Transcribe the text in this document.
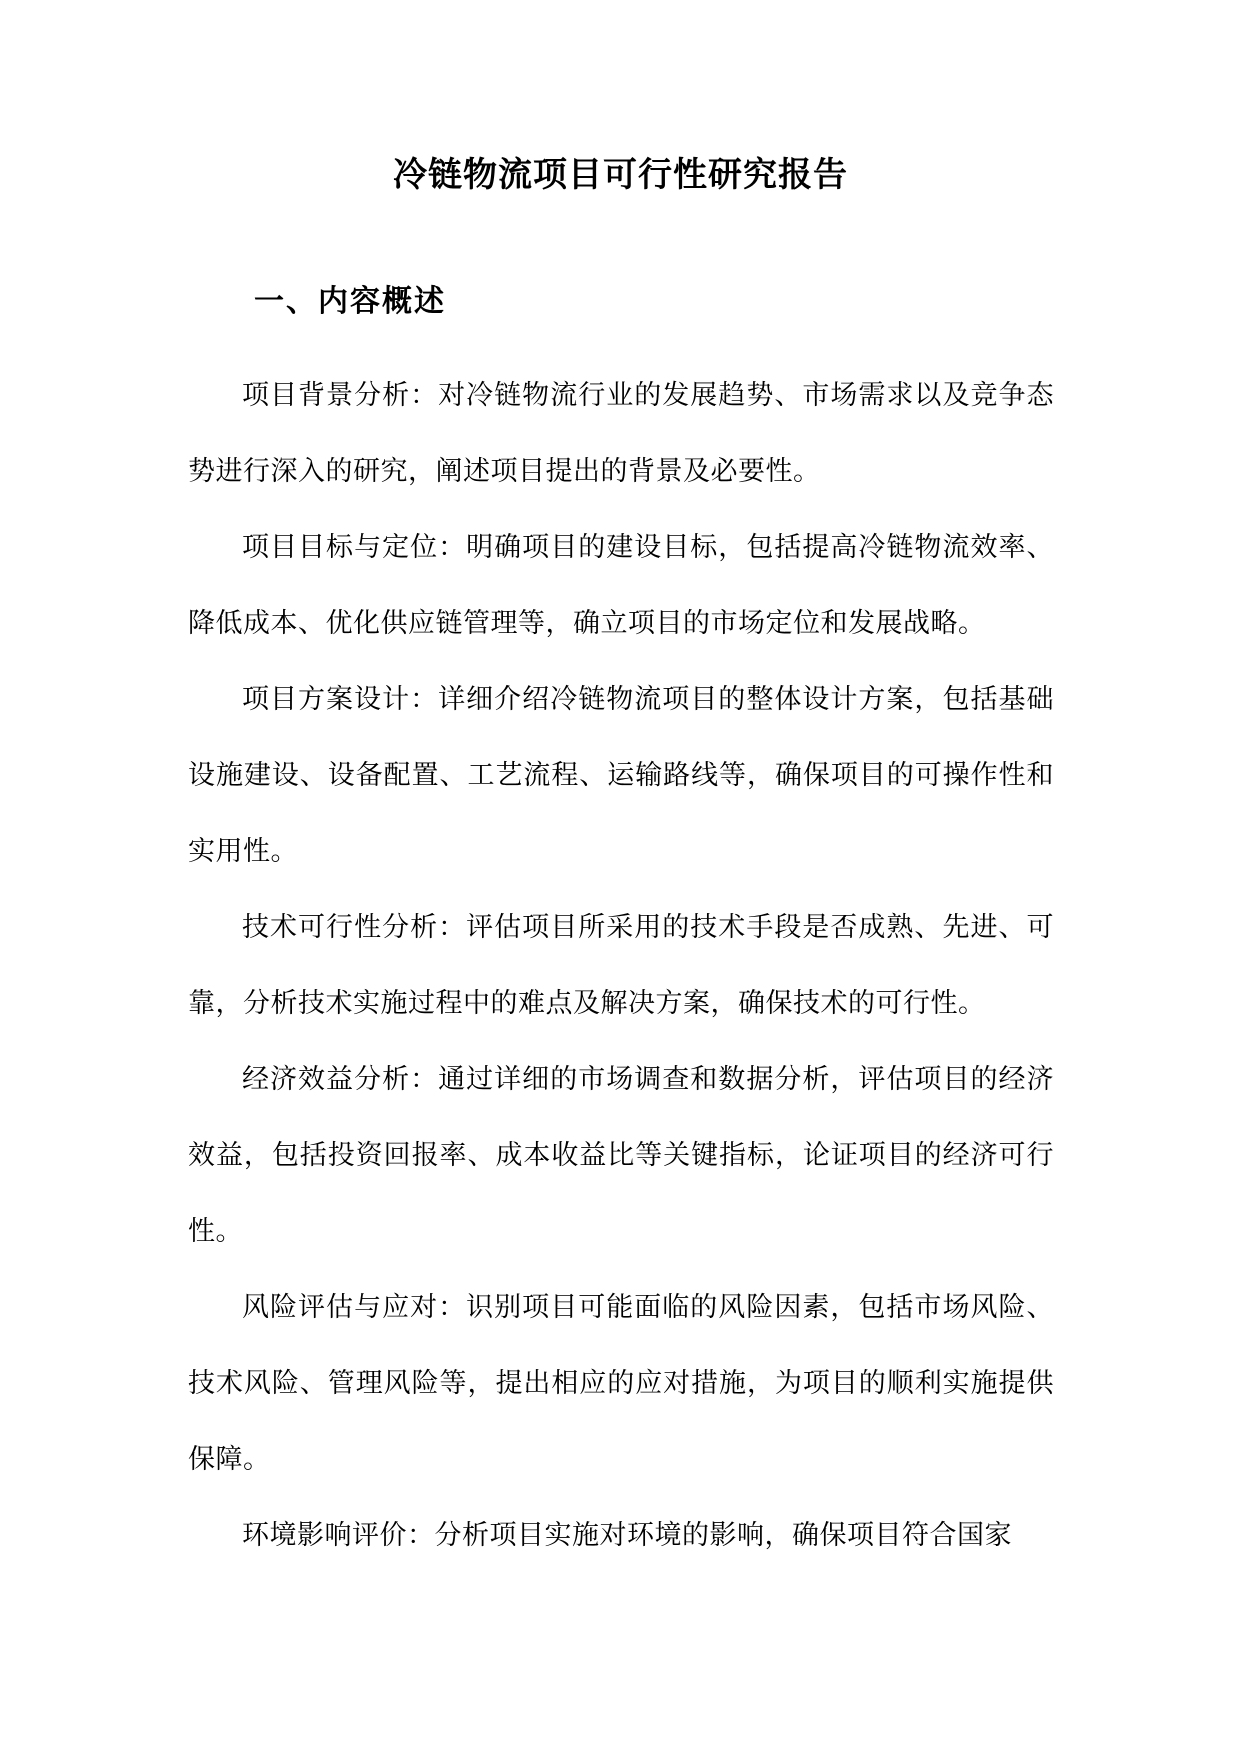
冷链物流项目可行性研究报告
一、内容概述

项目背景分析：对冷链物流行业的发展趋势、市场需求以及竞争态势进行深入的研究，阐述项目提出的背景及必要性。

项目目标与定位：明确项目的建设目标，包括提高冷链物流效率、降低成本、优化供应链管理等，确立项目的市场定位和发展战略。

项目方案设计：详细介绍冷链物流项目的整体设计方案，包括基础设施建设、设备配置、工艺流程、运输路线等，确保项目的可操作性和实用性。

技术可行性分析：评估项目所采用的技术手段是否成熟、先进、可靠，分析技术实施过程中的难点及解决方案，确保技术的可行性。

经济效益分析：通过详细的市场调查和数据分析，评估项目的经济效益，包括投资回报率、成本收益比等关键指标，论证项目的经济可行性。

风险评估与应对：识别项目可能面临的风险因素，包括市场风险、技术风险、管理风险等，提出相应的应对措施，为项目的顺利实施提供保障。

环境影响评价：分析项目实施对环境的影响，确保项目符合国家
